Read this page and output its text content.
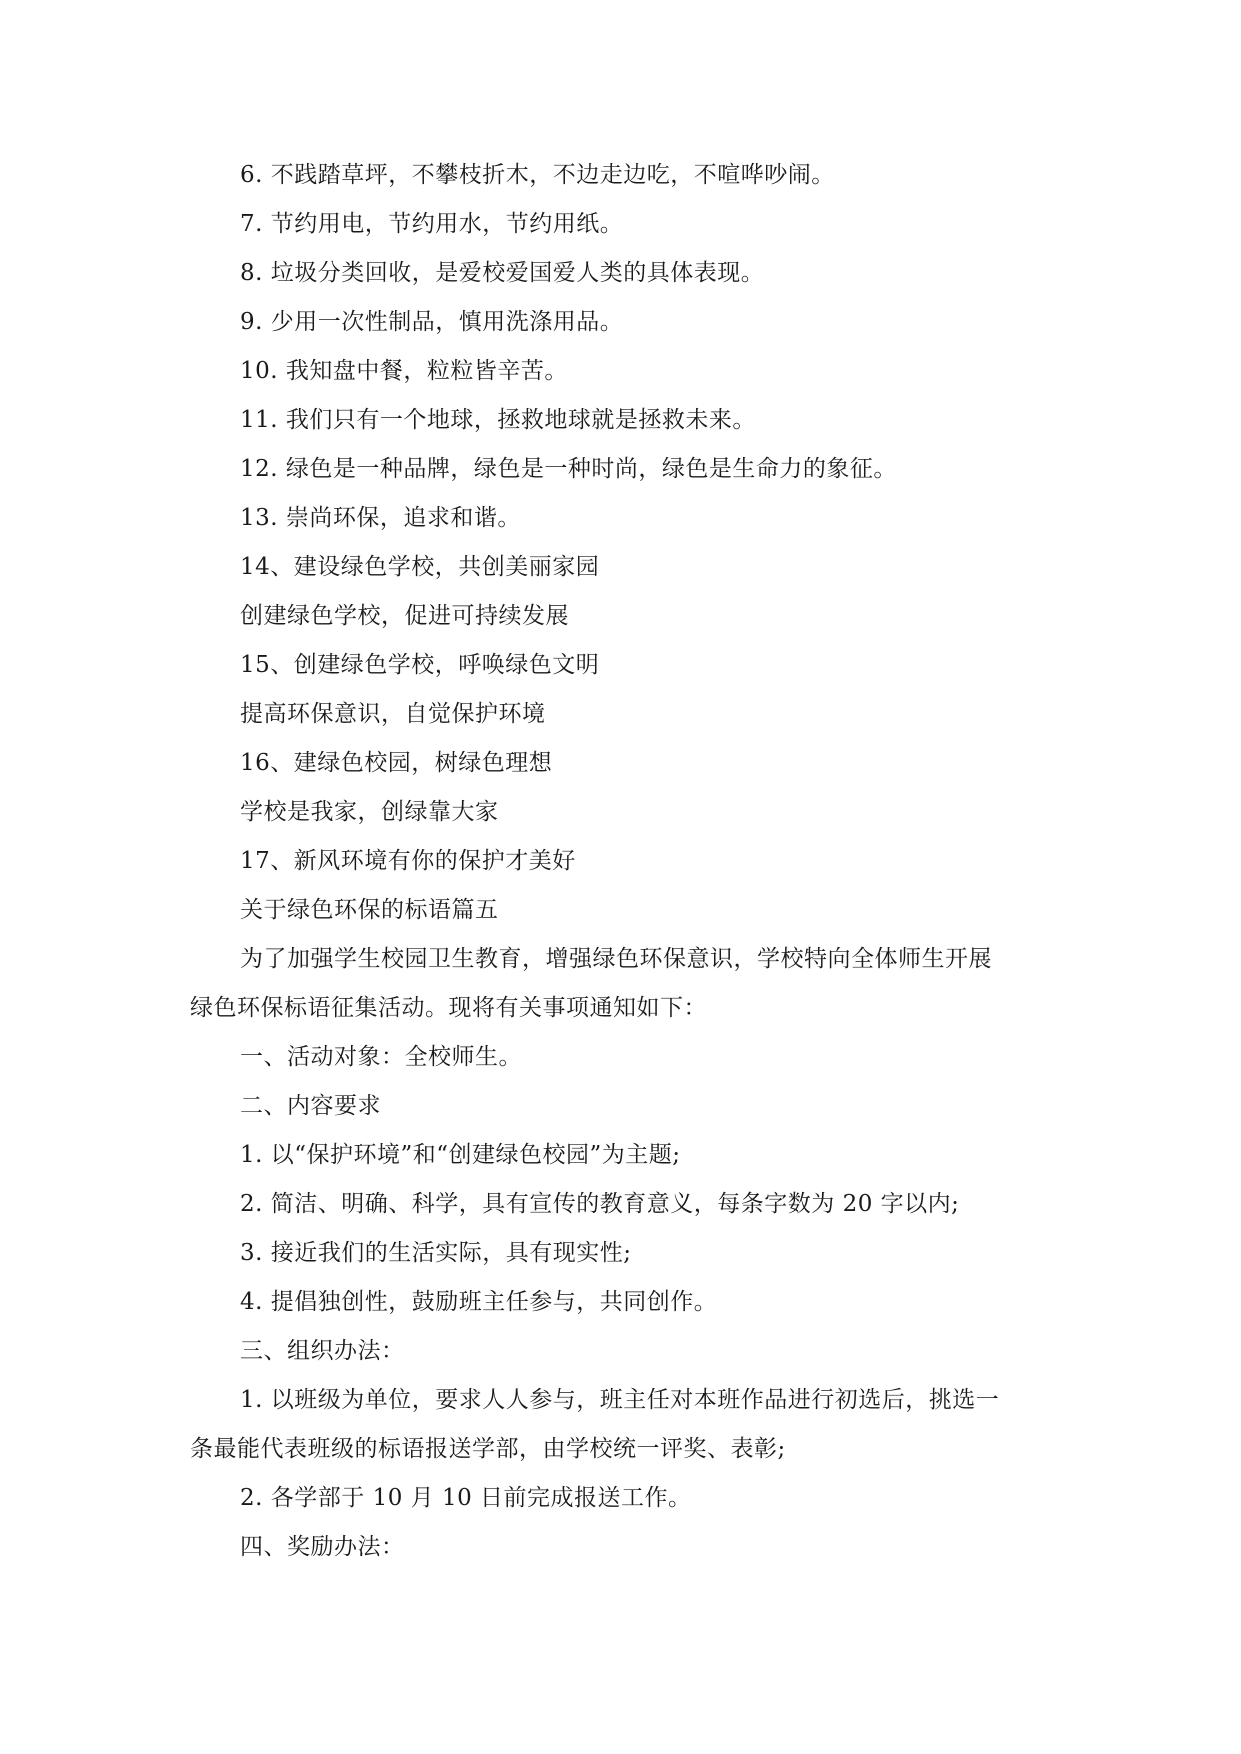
6. 不践踏草坪，不攀枝折木，不边走边吃，不喧哗吵闹。
7. 节约用电，节约用水，节约用纸。
8. 垃圾分类回收，是爱校爱国爱人类的具体表现。
9. 少用一次性制品，慎用洗涤用品。
10. 我知盘中餐，粒粒皆辛苦。
11. 我们只有一个地球，拯救地球就是拯救未来。
12. 绿色是一种品牌，绿色是一种时尚，绿色是生命力的象征。
13. 崇尚环保，追求和谐。
14、建设绿色学校，共创美丽家园
创建绿色学校，促进可持续发展
15、创建绿色学校，呼唤绿色文明
提高环保意识，自觉保护环境
16、建绿色校园，树绿色理想
学校是我家，创绿靠大家
17、新风环境有你的保护才美好
关于绿色环保的标语篇五
为了加强学生校园卫生教育，增强绿色环保意识，学校特向全体师生开展
绿色环保标语征集活动。现将有关事项通知如下：
一、活动对象：全校师生。
二、内容要求
1. 以“保护环境”和“创建绿色校园”为主题;
2. 简洁、明确、科学，具有宣传的教育意义，每条字数为 20 字以内;
3. 接近我们的生活实际，具有现实性;
4. 提倡独创性，鼓励班主任参与，共同创作。
三、组织办法：
1. 以班级为单位，要求人人参与，班主任对本班作品进行初选后，挑选一
条最能代表班级的标语报送学部，由学校统一评奖、表彰;
2. 各学部于 10 月 10 日前完成报送工作。
四、奖励办法：
